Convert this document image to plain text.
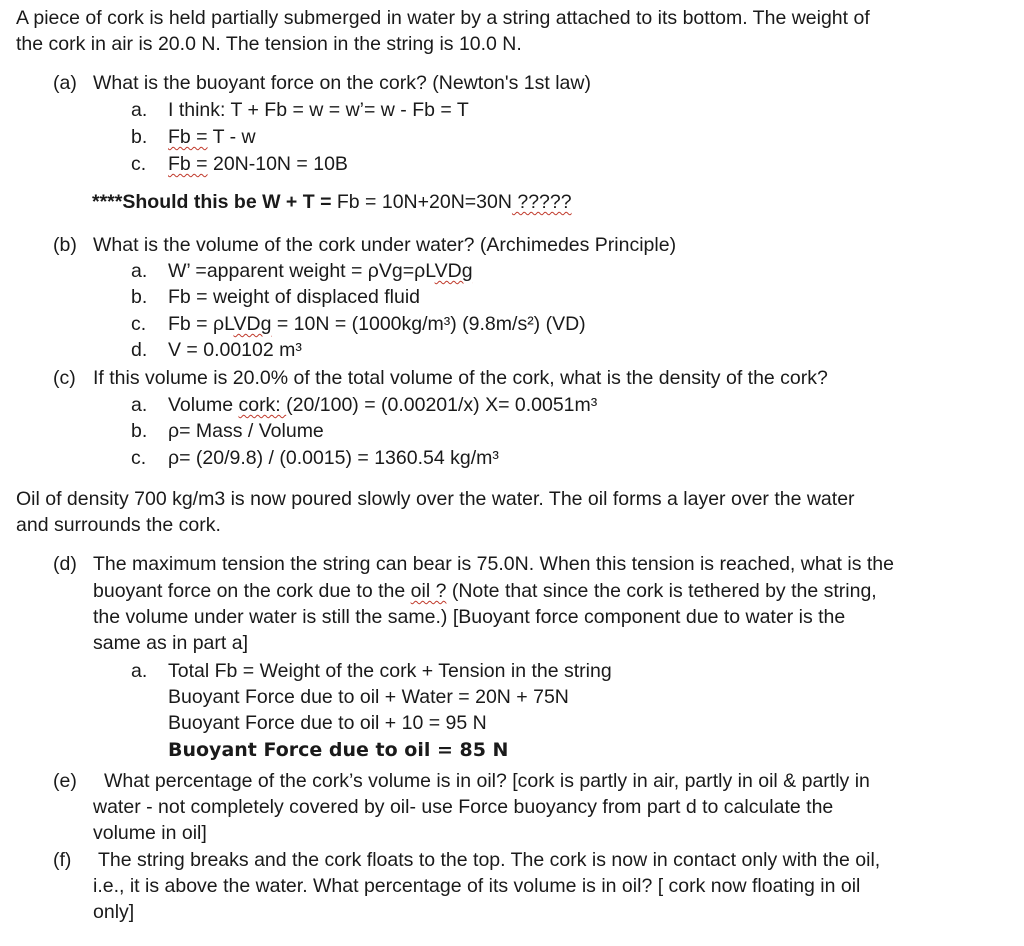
A piece of cork is held partially submerged in water by a string attached to its bottom. The weight of
the cork in air is 20.0 N. The tension in the string is 10.0 N.
(a) What is the buoyant force on the cork? (Newton's 1st law)
a. I think: T + Fb = w = w’= w - Fb = T
b. Fb = T - w
c. Fb = 20N-10N = 10B
****Should this be W + T = Fb = 10N+20N=30N ?????
(b) What is the volume of the cork under water? (Archimedes Principle)
a. W’ =apparent weight = ρVg=ρLVDg
b. Fb = weight of displaced fluid
c. Fb = ρLVDg = 10N = (1000kg/m³) (9.8m/s²) (VD)
d. V = 0.00102 m³
(c) If this volume is 20.0% of the total volume of the cork, what is the density of the cork?
a. Volume cork: (20/100) = (0.00201/x) X= 0.0051m³
b. ρ= Mass / Volume
c. ρ= (20/9.8) / (0.0015) = 1360.54 kg/m³
Oil of density 700 kg/m3 is now poured slowly over the water. The oil forms a layer over the water
and surrounds the cork.
(d) The maximum tension the string can bear is 75.0N. When this tension is reached, what is the
buoyant force on the cork due to the oil ? (Note that since the cork is tethered by the string,
the volume under water is still the same.) [Buoyant force component due to water is the
same as in part a]
a. Total Fb = Weight of the cork + Tension in the string
Buoyant Force due to oil + Water = 20N + 75N
Buoyant Force due to oil + 10 = 95 N
Buoyant Force due to oil = 85 N
(e) What percentage of the cork’s volume is in oil? [cork is partly in air, partly in oil & partly in
water - not completely covered by oil- use Force buoyancy from part d to calculate the
volume in oil]
(f) The string breaks and the cork floats to the top. The cork is now in contact only with the oil,
i.e., it is above the water. What percentage of its volume is in oil? [ cork now floating in oil
only]
